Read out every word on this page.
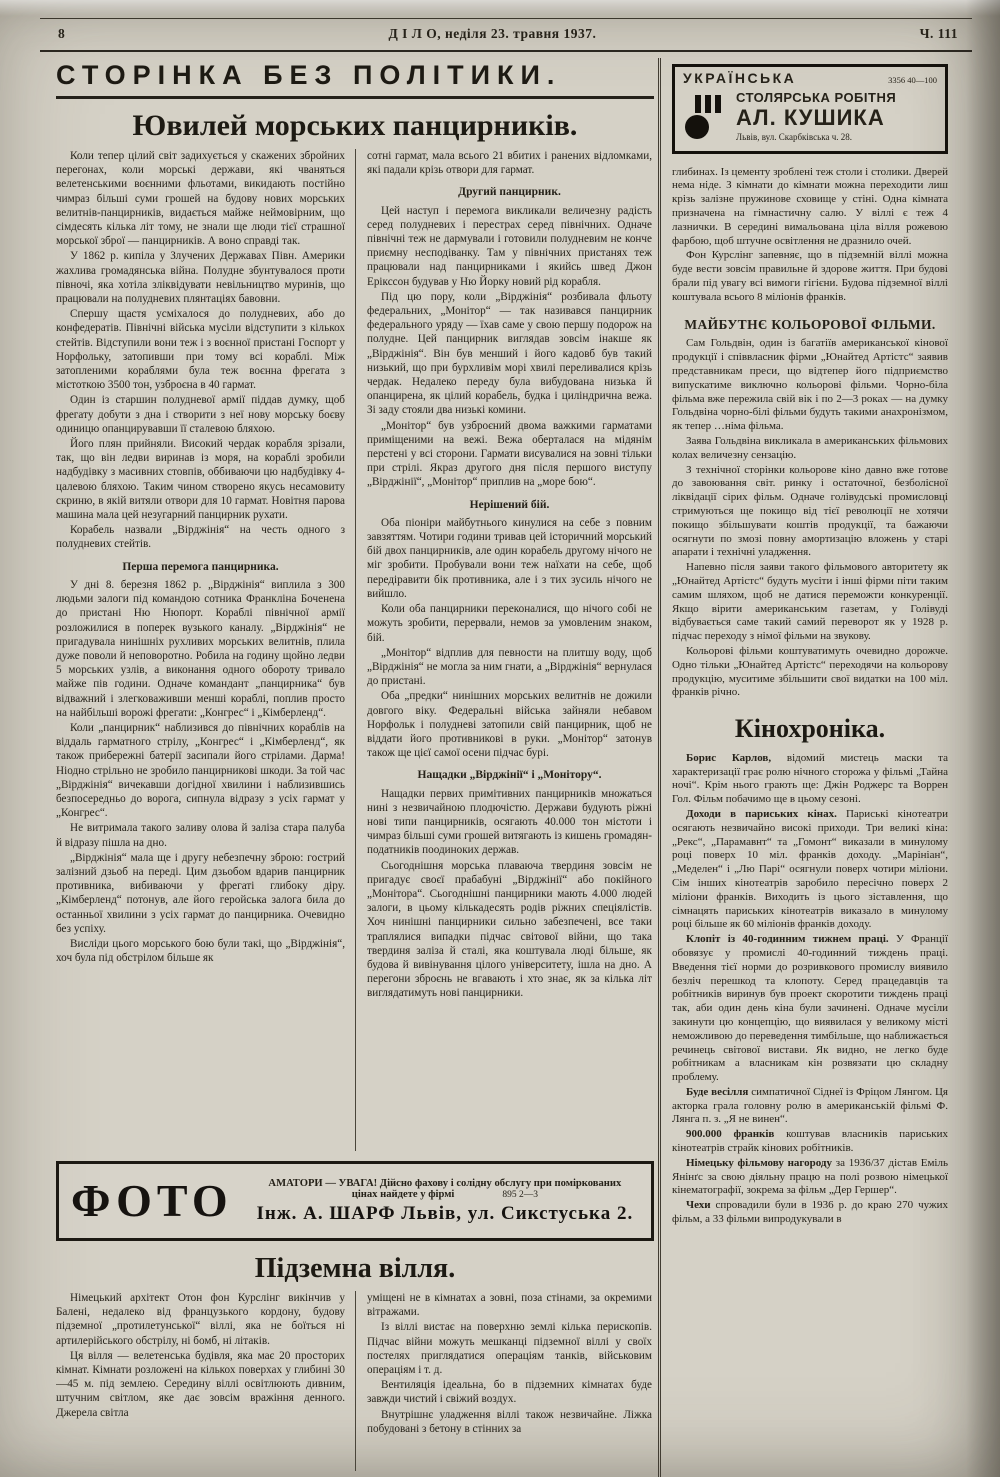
8	Д І Л О, неділя 23. травня 1937.	Ч. 111
СТОРІНКА БЕЗ ПОЛІТИКИ.
Ювилей морських панцирників.
Коли тепер цілий світ задихується у скажених збройних перегонах, коли морські держави, які чваняться велетенськими воєнними фльотами, викидають постійно чимраз більші суми грошей на будову нових морських велитнів-панцирників, видається майже неймовірним, що сімдесять кілька літ тому, не знали ще люди тієї страшної морської зброї — панцирників. А воно справді так.
У 1862 р. кипіла у Злучених Державах Півн. Америки жахлива громадянська війна. Полудне збунтувалося проти півночі, яка хотіла зліквідувати невільництво муринів, що працювали на полудневих плянтаціях бавовни.
Спершу щастя усміхалося до полудневих, або до конфедератів. Північні війська мусіли відступити з кількох стейтів. Відступили вони теж і з воєнної пристані Госпорт у Норфольку, затопивши при тому всі кораблі. Між затопленими кораблями була теж воєнна фрегата з містоткою 3500 тон, узброєна в 40 гармат.
Один із старшин полудневої армії піддав думку, щоб фрегату добути з дна і створити з неї нову морську боєву одиницю опанцирувавши її сталевою бляхою.
Його плян прийняли. Високий чердак корабля зрізали, так, що він ледви виринав із моря, на кораблі зробили надбудівку з масивних стовпів, оббиваючи цю надбудівку 4-цалевою бляхою. Таким чином створено якусь несамовиту скриню, в якій витяли отвори для 10 гармат. Новітня парова машина мала цей незугарний панцирник рухати.
Корабель назвали „Вірджінія“ на честь одного з полудневих стейтів.
Перша перемога панцирника.
У дні 8. березня 1862 р. „Вірджінія“ виплила з 300 людьми залоги під командою сотника Франкліна Боченена до пристані Ню Нюпорт. Кораблі північної армії розложилися в поперек вузького каналу. „Вірджінія“ не пригадувала нинішніх рухливих морських велитнів, плила дуже поволи й неповоротно. Робила на годину щойно ледви 5 морських узлів, а виконання одного обороту тривало майже пів години. Одначе командант „панцирника“ був відважний і злегковаживши менші кораблі, поплив просто на найбільші ворожі фрегати: „Конгрес“ і „Кімберленд“.
Коли „панцирник“ наблизився до північних кораблів на віддаль гарматного стрілу, „Конгрес“ і „Кімберленд“, як також прибережні батерії засипали його стрілами. Дарма! Ніодно стрільно не зробило панцирникові шкоди. За той час „Вірджінія“ вичекавши догідної хвилини і наблизившись безпосередньо до ворога, сипнула відразу з усіх гармат у „Конгрес“.
Не витримала такого заливу олова й заліза стара палуба й відразу пішла на дно.
„Вірджінія“ мала ще і другу небезпечну зброю: гострий залізний дзьоб на переді. Цим дзьобом вдарив панцирник противника, вибиваючи у фрегаті глибоку діру. „Кімберленд“ потонув, але його геройська залога била до останньої хвилини з усіх гармат до панцирника. Очевидно без успіху.
Висліди цього морського бою були такі, що „Вірджінія“, хоч була під обстрілом більше як
сотні гармат, мала всього 21 вбитих і ранених відломками, які падали крізь отвори для гармат.
Другий панцирник.
Цей наступ і перемога викликали величезну радість серед полудневих і перестрах серед північних. Одначе північні теж не дармували і готовили полудневим не конче приємну несподіванку. Там у північних пристанях теж працювали над панцирниками і якийсь швед Джон Ерікссон будував у Ню Йорку новий рід корабля.
Під цю пору, коли „Вірджінія“ розбивала фльоту федеральних, „Монітор“ — так називався панцирник федерального уряду — їхав саме у свою першу подорож на полудне. Цей панцирник виглядав зовсім інакше як „Вірджінія“. Він був менший і його кадовб був такий низький, що при бурхливім морі хвилі переливалися крізь чердак. Недалеко переду була вибудована низька й опанцирена, як цілий корабель, будка і циліндрична вежа. Зі заду стояли два низькі комини.
„Монітор“ був узброєний двома важкими гарматами приміщеними на вежі. Вежа оберталася на мідянім перстені у всі сторони. Гармати висувалися на зовні тільки при стрілі. Якраз другого дня після першого виступу „Вірджінії“, „Монітор“ приплив на „море бою“.
Нерішений бій.
Оба піоніри майбутнього кинулися на себе з повним завзяттям. Чотири години тривав цей історичний морський бій двох панцирників, але один корабель другому нічого не міг зробити. Пробували вони теж наїхати на себе, щоб передіравити бік противника, але і з тих зусиль нічого не вийшло.
Коли оба панцирники переконалися, що нічого собі не можуть зробити, перервали, немов за умовленим знаком, бій.
„Монітор“ відплив для певности на плитшу воду, щоб „Вірджінія“ не могла за ним гнати, а „Вірджінія“ вернулася до пристані.
Оба „предки“ нинішних морських велитнів не дожили довгого віку. Федеральні війська зайняли небавом Норфольк і полудневі затопили свій панцирник, щоб не віддати його противникові в руки. „Монітор“ затонув також ще цієї самої осени підчас бурі.
Нащадки „Вірджінії“ і „Монітору“.
Нащадки первих примітивних панцирників множаться нині з незвичайною плодючістю. Держави будують ріжні нові типи панцирників, осягають 40.000 тон містоти і чимраз більші суми грошей витягають із кишень громадян-податників поодиноких держав.
Сьогоднішня морська плаваюча твердиня зовсім не пригадує своєї прабабуні „Вірджінії“ або покійного „Монітора“. Сьогоднішні панцирники мають 4.000 людей залоги, в цьому кількадесять родів ріжних спеціялістів. Хоч нинішні панцирники сильно забезпечені, все таки траплялися випадки підчас світової війни, що така твердиня заліза й сталі, яка коштувала люді більше, як будова й вивінування цілого університету, ішла на дно. А перегони зброєнь не вгавають і хто знає, як за кілька літ виглядатимуть нові панцирники.
ФОТО	АМАТОРИ — УВАГА! Дійсно фахову і солідну обслугу при поміркованих
цінах найдете у фірмі	895 2—3
Інж. А. ШАРФ Львів, ул. Сикстуська 2.
Підземна вілля.
Німецький архітект Отон фон Курслінг викінчив у Балені, недалеко від французького кордону, будову підземної „протилетунської“ віллі, яка не боїться ні артилерійського обстрілу, ні бомб, ні літаків.
Ця вілля — велетенська будівля, яка має 20 просторих кімнат. Кімнати розложені на кількох поверхах у глибині 30—45 м. під землею. Середину віллі освітлюють дивним, штучним світлом, яке дає зовсім вражіння денного. Джерела світла
уміщені не в кімнатах а зовні, поза стінами, за окремими вітражами.
Із віллі вистає на поверхню землі кілька перископів. Підчас війни можуть мешканці підземної віллі у своїх постелях приглядатися операціям танків, військовим операціям і т. д.
Вентиляція ідеальна, бо в підземних кімнатах буде завжди чистий і свіжий воздух.
Внутрішнє уладження віллі також незвичайне. Ліжка побудовані з бетону в стінних за
УКРАЇНСЬКА	3356 40—100
СТОЛЯРСЬКА РОБІТНЯ
АЛ. КУШИКА
Львів, вул. Скарбківська ч. 28.
глибинах. Із цементу зроблені теж столи і столики. Дверей нема ніде. З кімнати до кімнати можна переходити лиш крізь залізне пружинове сховище у стіні. Одна кімната призначена на гімнастичну салю. У віллі є теж 4 лазнички. В середині вимальована ціла вілля рожевою фарбою, щоб штучне освітлення не дразнило очей.
Фон Курслінг запевняє, що в підземній віллі можна буде вести зовсім правильне й здорове життя. При будові брали під увагу всі вимоги гігієни. Будова підземної віллі коштувала всього 8 міліонів франків.
МАЙБУТНЄ КОЛЬОРОВОЇ ФІЛЬМИ.
Сам Гольдвін, один із багатіїв американської кінової продукції і співвласник фірми „Юнайтед Артістс“ заявив представникам преси, що відтепер його підприємство випускатиме виключно кольорові фільми. Чорно-біла фільма вже пережила свій вік і по 2—3 роках — на думку Гольдвіна чорно-білі фільми будуть такими анахронізмом, як тепер …німа фільма.
Заява Гольдвіна викликала в американських фільмових колах величезну сензацію.
З технічної сторінки кольорове кіно давно вже готове до завоювання світ. ринку і остаточної, безболісної ліквідації сірих фільм. Одначе голівудські промисловці стримуються ще покищо від тієї революції не хотячи покищо збільшувати коштів продукції, та бажаючи осягнути по змозі повну амортизацію вложень у старі апарати і технічні уладження.
Напевно після заяви такого фільмового авторитету як „Юнайтед Артістс“ будуть мусіти і інші фірми піти таким самим шляхом, щоб не датися переможти конкуренції. Якщо вірити американським газетам, у Голівуді відбувається саме такий самий переворот як у 1928 р. підчас переходу з німої фільми на звукову.
Кольорові фільми коштуватимуть очевидно дорожче. Одно тільки „Юнайтед Артістс“ переходячи на кольорову продукцію, муситиме збільшити свої видатки на 100 міл. франків річно.
Кінохроніка.
Борис Карлов, відомий мистець маски та характеризації грає ролю нічного сторожа у фільмі „Тайна ночі“. Крім нього грають ще: Джін Роджерс та Воррен Гол. Фільм побачимо ще в цьому сезоні.
Доходи в париських кінах. Париські кінотеатри осягають незвичайно високі приходи. Три великі кіна: „Рекс“, „Парамавнт“ та „Гомонт“ виказали в минулому році поверх 10 міл. франків доходу. „Марініан“, „Меделен“ і „Лю Парі“ осягнули поверх чотири міліони. Сім інших кінотеатрів заробило пересічно поверх 2 міліони франків. Виходить із цього зіставлення, що сімнацять париських кінотеатрів виказало в минулому році більше як 60 міліонів франків доходу.
Клопіт із 40-годинним тижнем праці. У Франції обовязує у промислі 40-годинний тиждень праці. Введення тієї норми до розривкового промислу виявило безліч перешкод та клопоту. Серед працедавців та робітників виринув був проект скоротити тиждень праці так, аби один день кіна були зачинені. Одначе мусіли закинути цю концепцію, що виявилася у великому місті неможливою до переведення тимбільше, що наближається речинець світової вистави. Як видно, не легко буде робітникам а власникам кін розвязати цю складну проблему.
Буде весілля симпатичної Сіднеї із Фріцом Лянгом. Ця акторка грала головну ролю в американській фільмі Ф. Лянга п. з. „Я не винен“.
900.000 франків коштував власників париських кінотеатрів страйк кінових робітників.
Німецьку фільмову нагороду за 1936/37 дістав Еміль Янінґс за свою діяльну працю на полі розвою німецької кінематографії, зокрема за фільм „Дер Гершер“.
Чехи спровадили були в 1936 р. до краю 270 чужих фільм, а 33 фільми випродукували в
